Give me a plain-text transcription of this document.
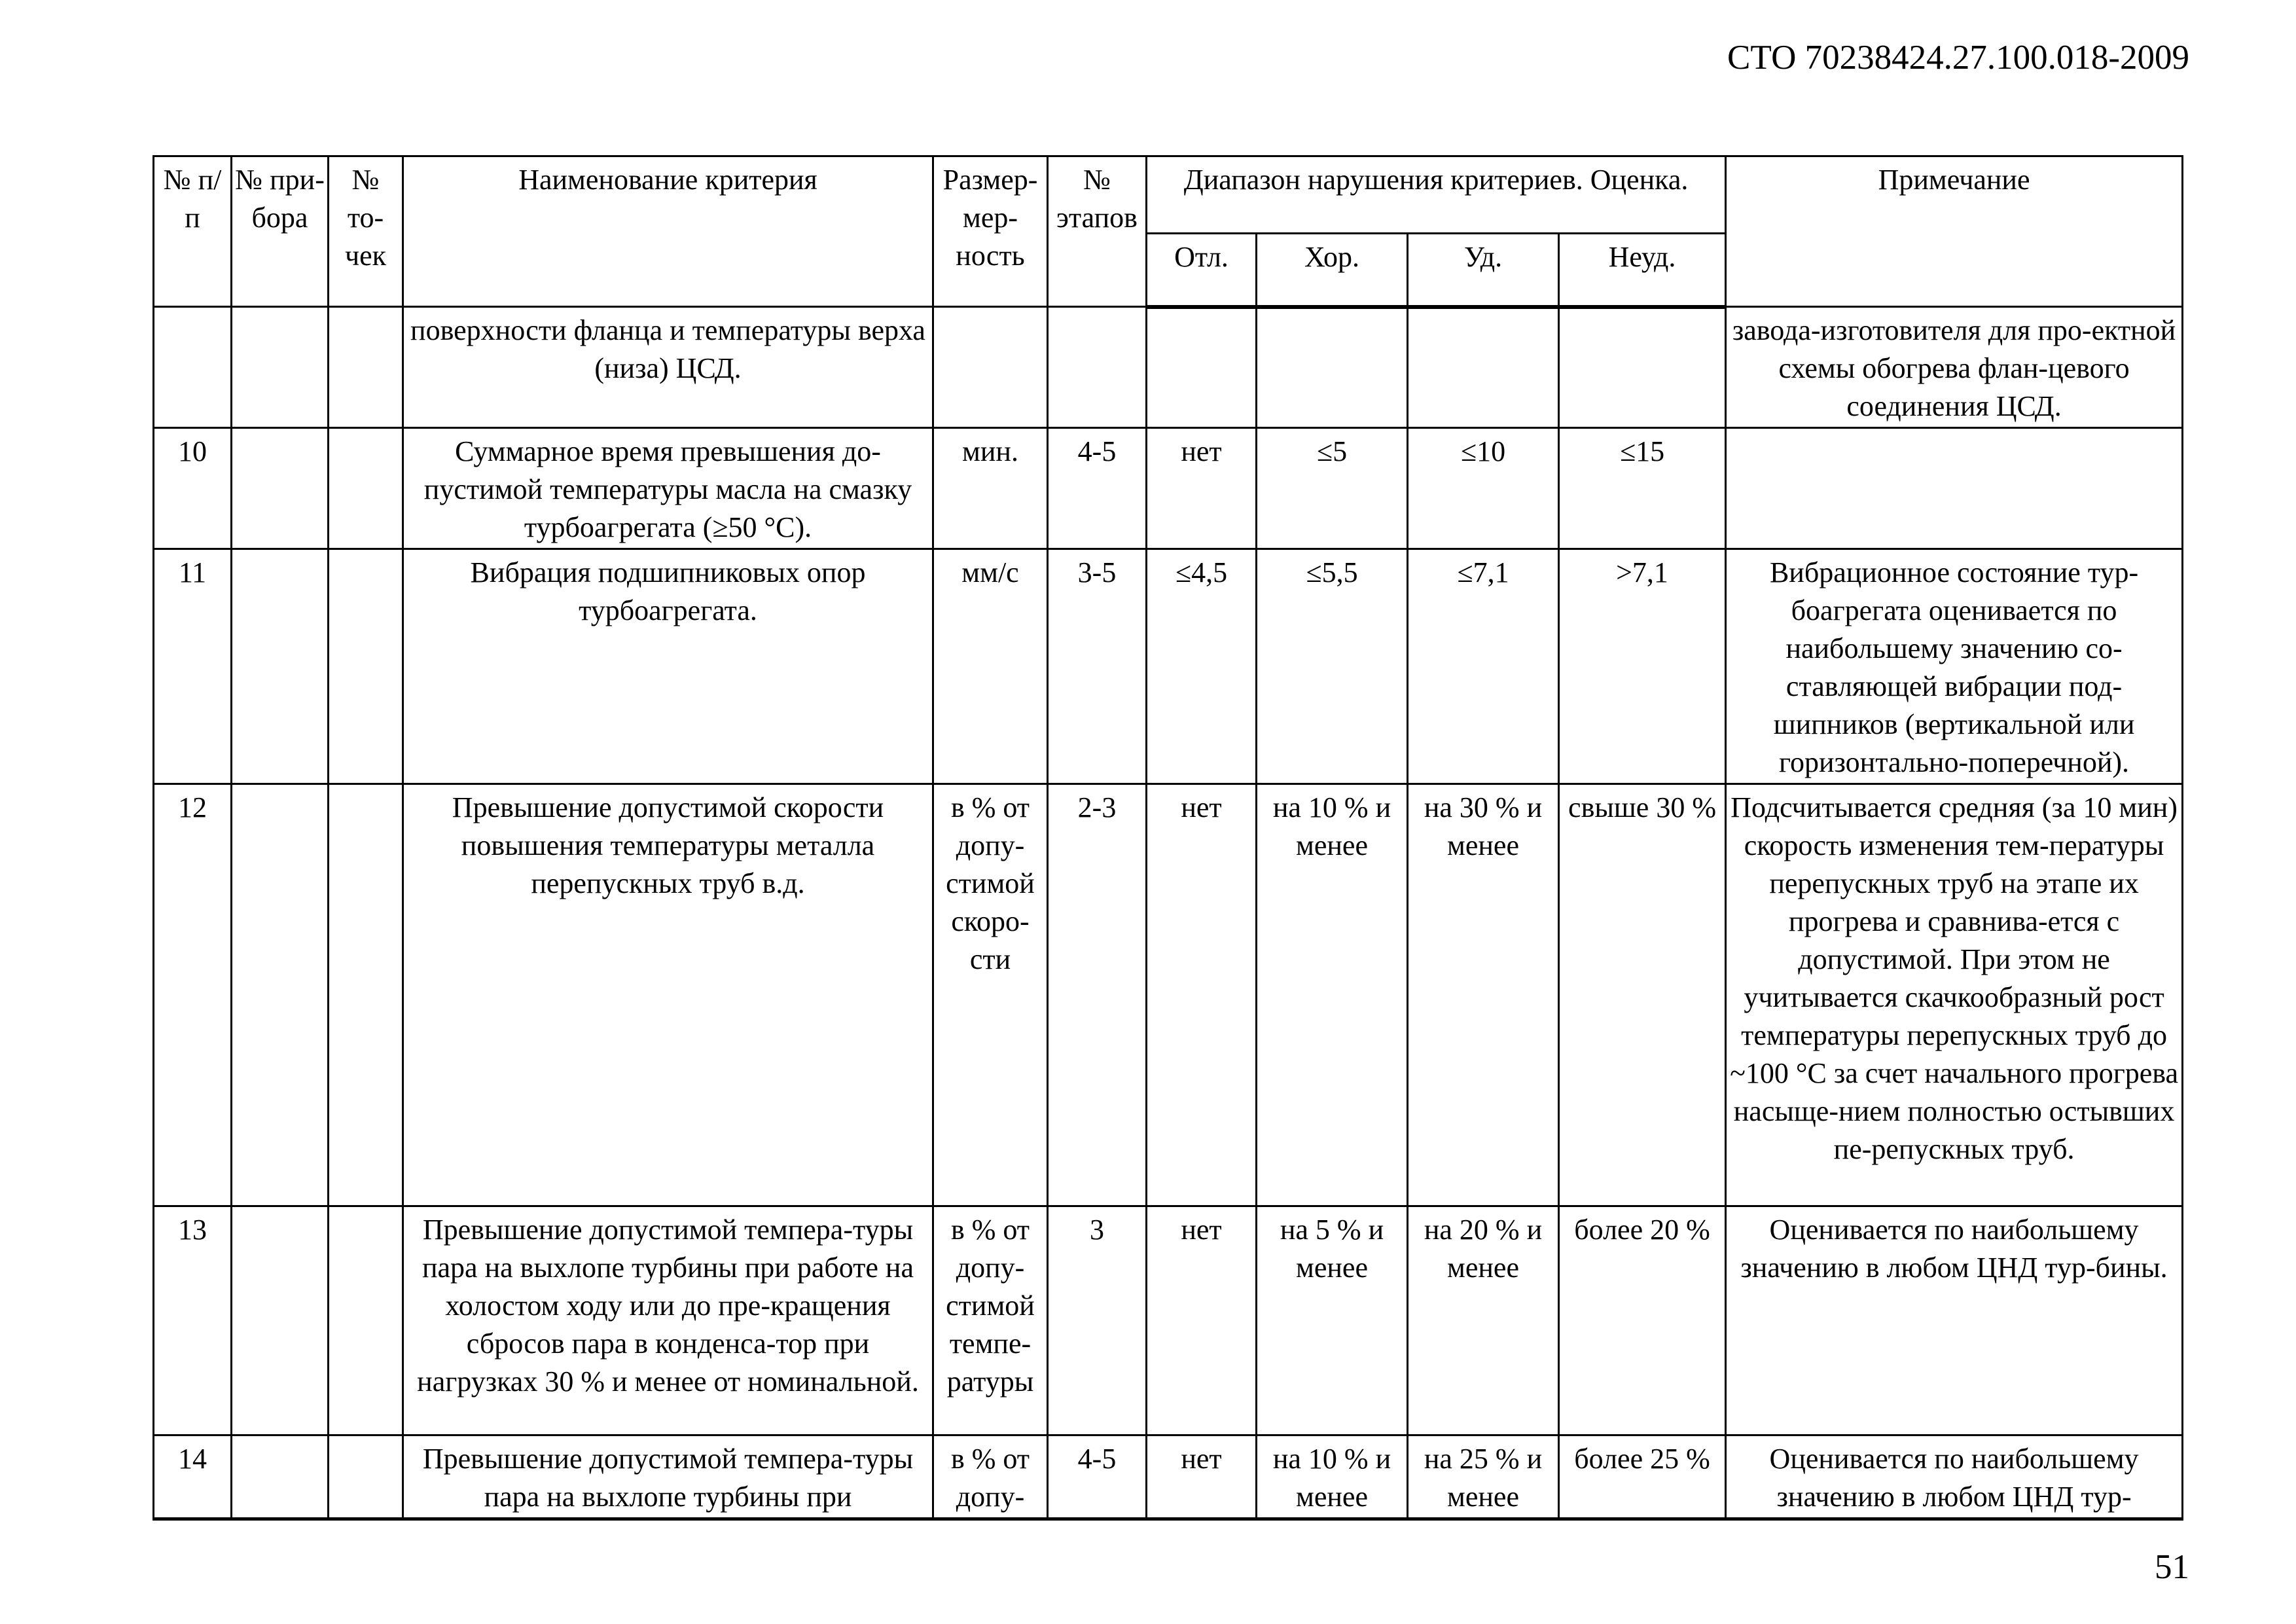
СТО 70238424.27.100.018-2009
№ п/п	№ при-бора	№ то-чек	Наименование критерия	Размер-мер-ность	№ этапов	Диапазон нарушения критериев. Оценка.				Примечание
						Отл.	Хор.	Уд.	Неуд.	
			поверхности фланца и температуры верха (низа) ЦСД.							завода-изготовителя для про-ектной схемы обогрева флан-цевого соединения ЦСД.
10			Суммарное время превышения до-пустимой температуры масла на смазку турбоагрегата (≥50 °С).	мин.	4-5	нет	≤5	≤10	≤15	
11			Вибрация подшипниковых опор турбоагрегата.	мм/с	3-5	≤4,5	≤5,5	≤7,1	>7,1	Вибрационное состояние тур-боагрегата оценивается по наибольшему значению со-ставляющей вибрации под-шипников (вертикальной или горизонтально-поперечной).
12			Превышение допустимой скорости повышения температуры металла перепускных труб в.д.	в % от допу-стимой скоро-сти	2-3	нет	на 10 % и менее	на 30 % и менее	свыше 30 %	Подсчитывается средняя (за 10 мин) скорость изменения тем-пературы перепускных труб на этапе их прогрева и сравнива-ется с допустимой. При этом не учитывается скачкообразный рост температуры перепускных труб до ~100 °С за счет начального прогрева насыще-нием полностью остывших пе-репускных труб.
13			Превышение допустимой темпера-туры пара на выхлопе турбины при работе на холостом ходу или до пре-кращения сбросов пара в конденса-тор при нагрузках 30 % и менее от номинальной.	в % от допу-стимой темпе-ратуры	3	нет	на 5 % и менее	на 20 % и менее	более 20 %	Оценивается по наибольшему значению в любом ЦНД тур-бины.
14			Превышение допустимой темпера-туры пара на выхлопе турбины при	в % от допу-	4-5	нет	на 10 % и менее	на 25 % и менее	более 25 %	Оценивается по наибольшему значению в любом ЦНД тур-
51
